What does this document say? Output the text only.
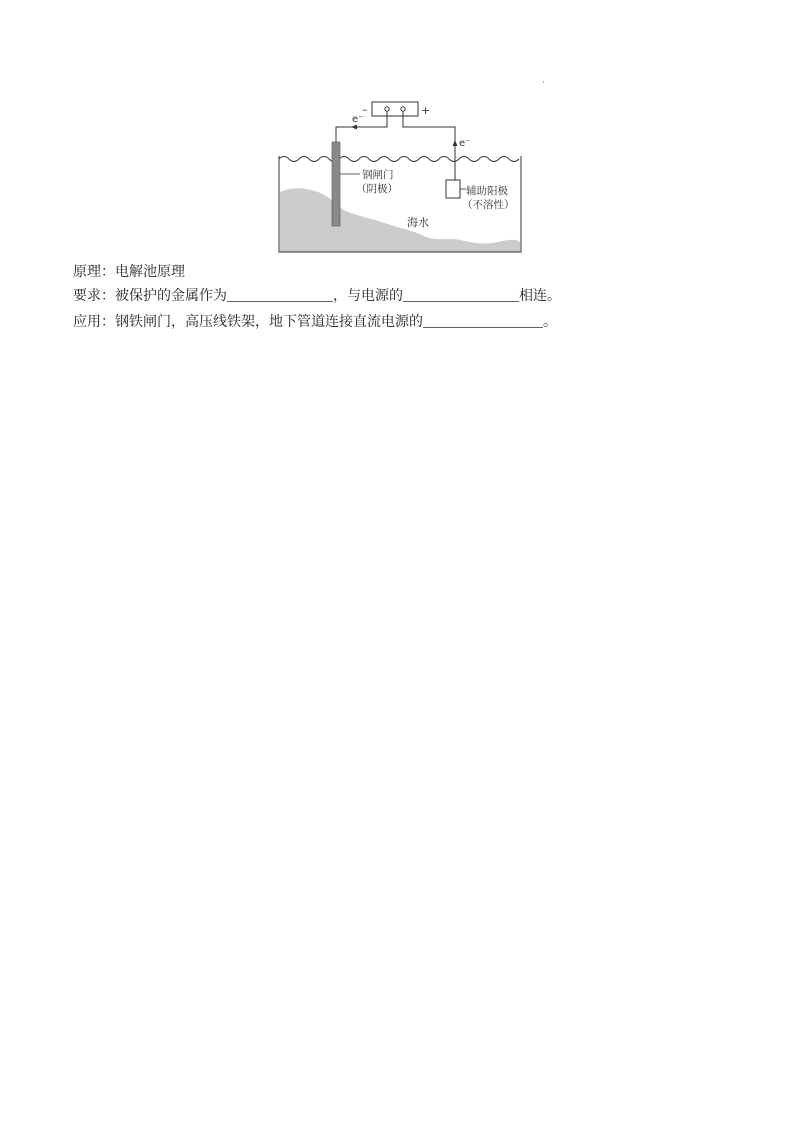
·
–	+
e⁻
e⁻
钢闸门
（阴极）	辅助阳极
（不溶性）
海水
原理：电解池原理
要求：被保护的金属作为	，与电源的	相连。
应用：钢铁闸门，高压线铁架，地下管道连接直流电源的	。
